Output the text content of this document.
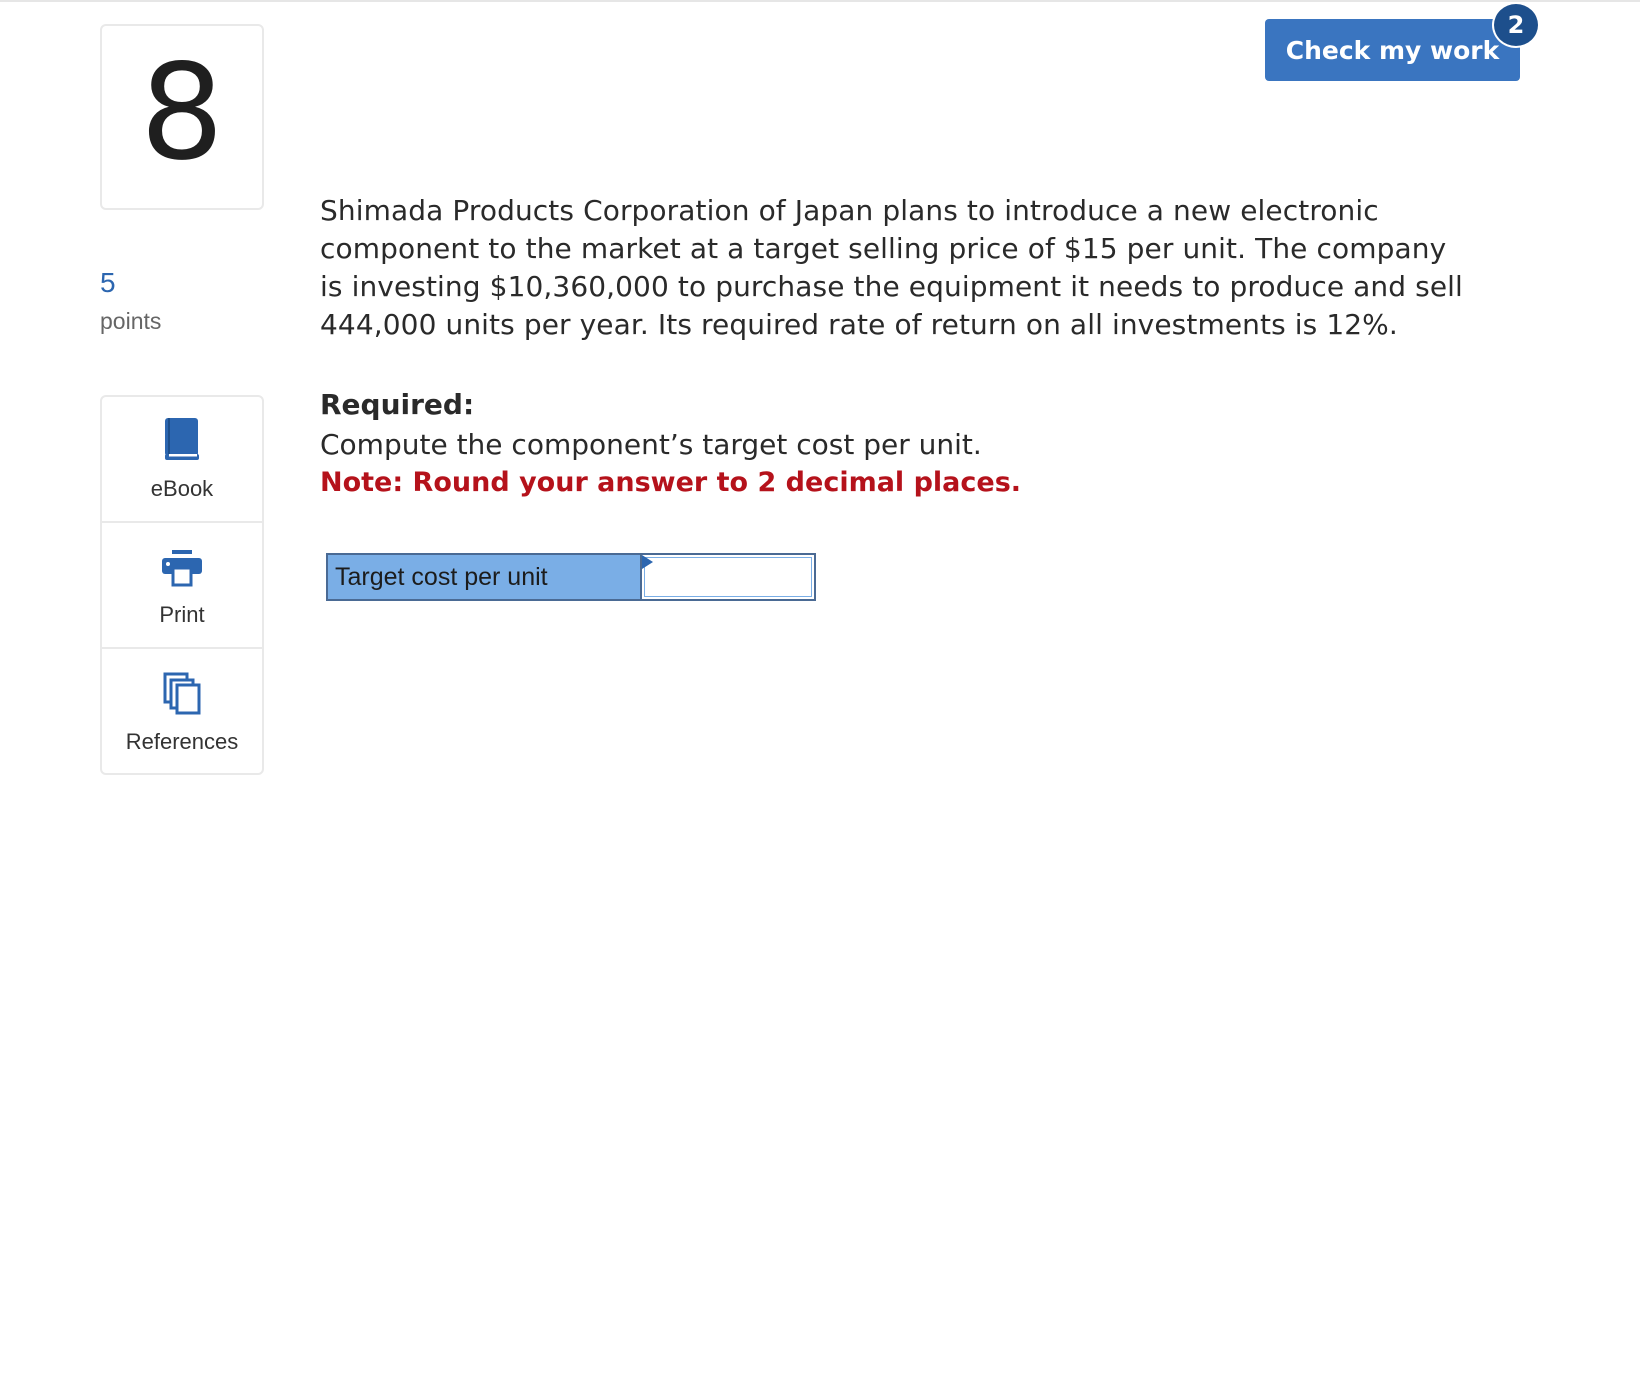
8
5
points
eBook
Print
References
Check my work
2

Shimada Products Corporation of Japan plans to introduce a new electronic component to the market at a target selling price of $15 per unit. The company is investing $10,360,000 to purchase the equipment it needs to produce and sell 444,000 units per year. Its required rate of return on all investments is 12%.

Required:
Compute the component’s target cost per unit.
Note: Round your answer to 2 decimal places.
Target cost per unit
